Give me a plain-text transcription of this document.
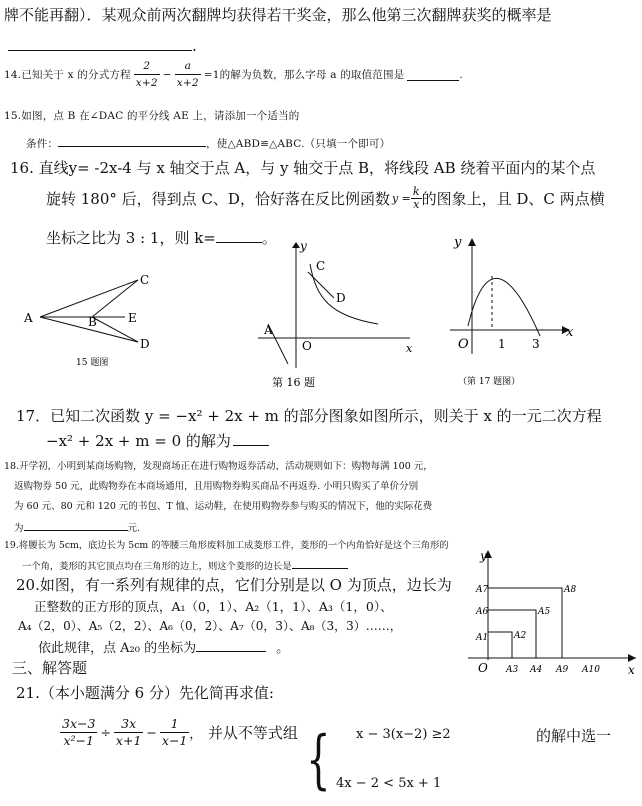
牌不能再翻）．某观众前两次翻牌均获得若干奖金，那么他第三次翻牌获奖的概率是
.
14.已知关于 x 的分式方程 $\frac{2}{x+2} - \frac{a}{x+2} =1$的解为负数，那么字母 a 的取值范围是	.
15.如图，点 B 在∠DAC 的平分线 AE 上，请添加一个适当的
条件：	，使△ABD≌△ABC.（只填一个即可）
16. 直线y= -2x-4 与 x 轴交于点 A，与 y 轴交于点 B，将线段 AB 绕着平面内的某个点
旋转 180° 后，得到点 C、D，恰好落在反比例函数 $y = \frac{k}{x}$ 的图象上，且 D、C 两点横
坐标之比为 3 : 1，则 k=	。
A	B
C
D
E
15 题图
y
x
O
A
C
D
第 16 题
y
x
O 1 3
（第 17 题图）
17．已知二次函数 y = −x² + 2x + m 的部分图象如图所示，则关于 x 的一元二次方程
−x² + 2x + m = 0 的解为
18.开学初，小明到某商场购物，发现商场正在进行购物返券活动，活动规则如下：购物每满 100 元，
返购物券 50 元，此购物券在本商场通用，且用购物券购买商品不再返券. 小明只购买了单价分别
为 60 元、80 元和 120 元的书包、T 恤、运动鞋，在使用购物券参与购买的情况下，他的实际花费
为	元.
19.将腰长为 5cm，底边长为 5cm 的等腰三角形废料加工成菱形工件，菱形的一个内角恰好是这个三角形的
一个角，菱形的其它顶点均在三角形的边上，则这个菱形的边长是
y
x
O
A1	A2
A3 A4
A5
A6
A7	A8
A9 A10
20.如图，有一系列有规律的点，它们分别是以 O 为顶点，边长为
正整数的正方形的顶点，A₁（0，1）、A₂（1，1）、A₃（1，0）、
A₄（2，0）、A₅（2，2）、A₆（0，2）、A₇（0，3）、A₈（3，3）……，
依此规律，点 A₂₀ 的坐标为	。
三、解答题
21.（本小题满分 6 分）先化简再求值:
$\frac{3x-3}{\text{x²−1}} \div \frac{3x}{x+1} - \frac{1}{x-1}$ ， 并从不等式组 { x − 3(x−2) ≥2
4x − 2 < 5x + 1
的解中选一
